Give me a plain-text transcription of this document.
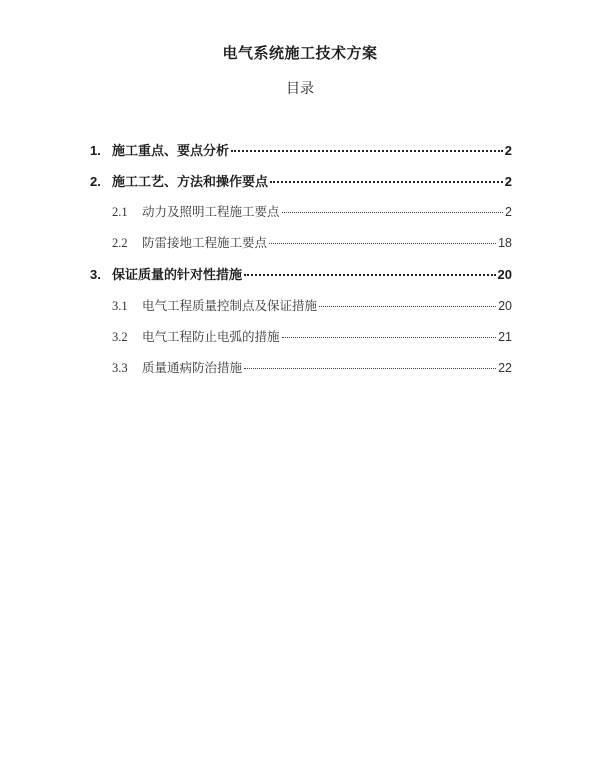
电气系统施工技术方案
目录
1. 施工重点、要点分析	2
2. 施工工艺、方法和操作要点	2
2.1	动力及照明工程施工要点	2
2.2	防雷接地工程施工要点	18
3. 保证质量的针对性措施	20
3.1	电气工程质量控制点及保证措施	20
3.2	电气工程防止电弧的措施	21
3.3	质量通病防治措施	22
